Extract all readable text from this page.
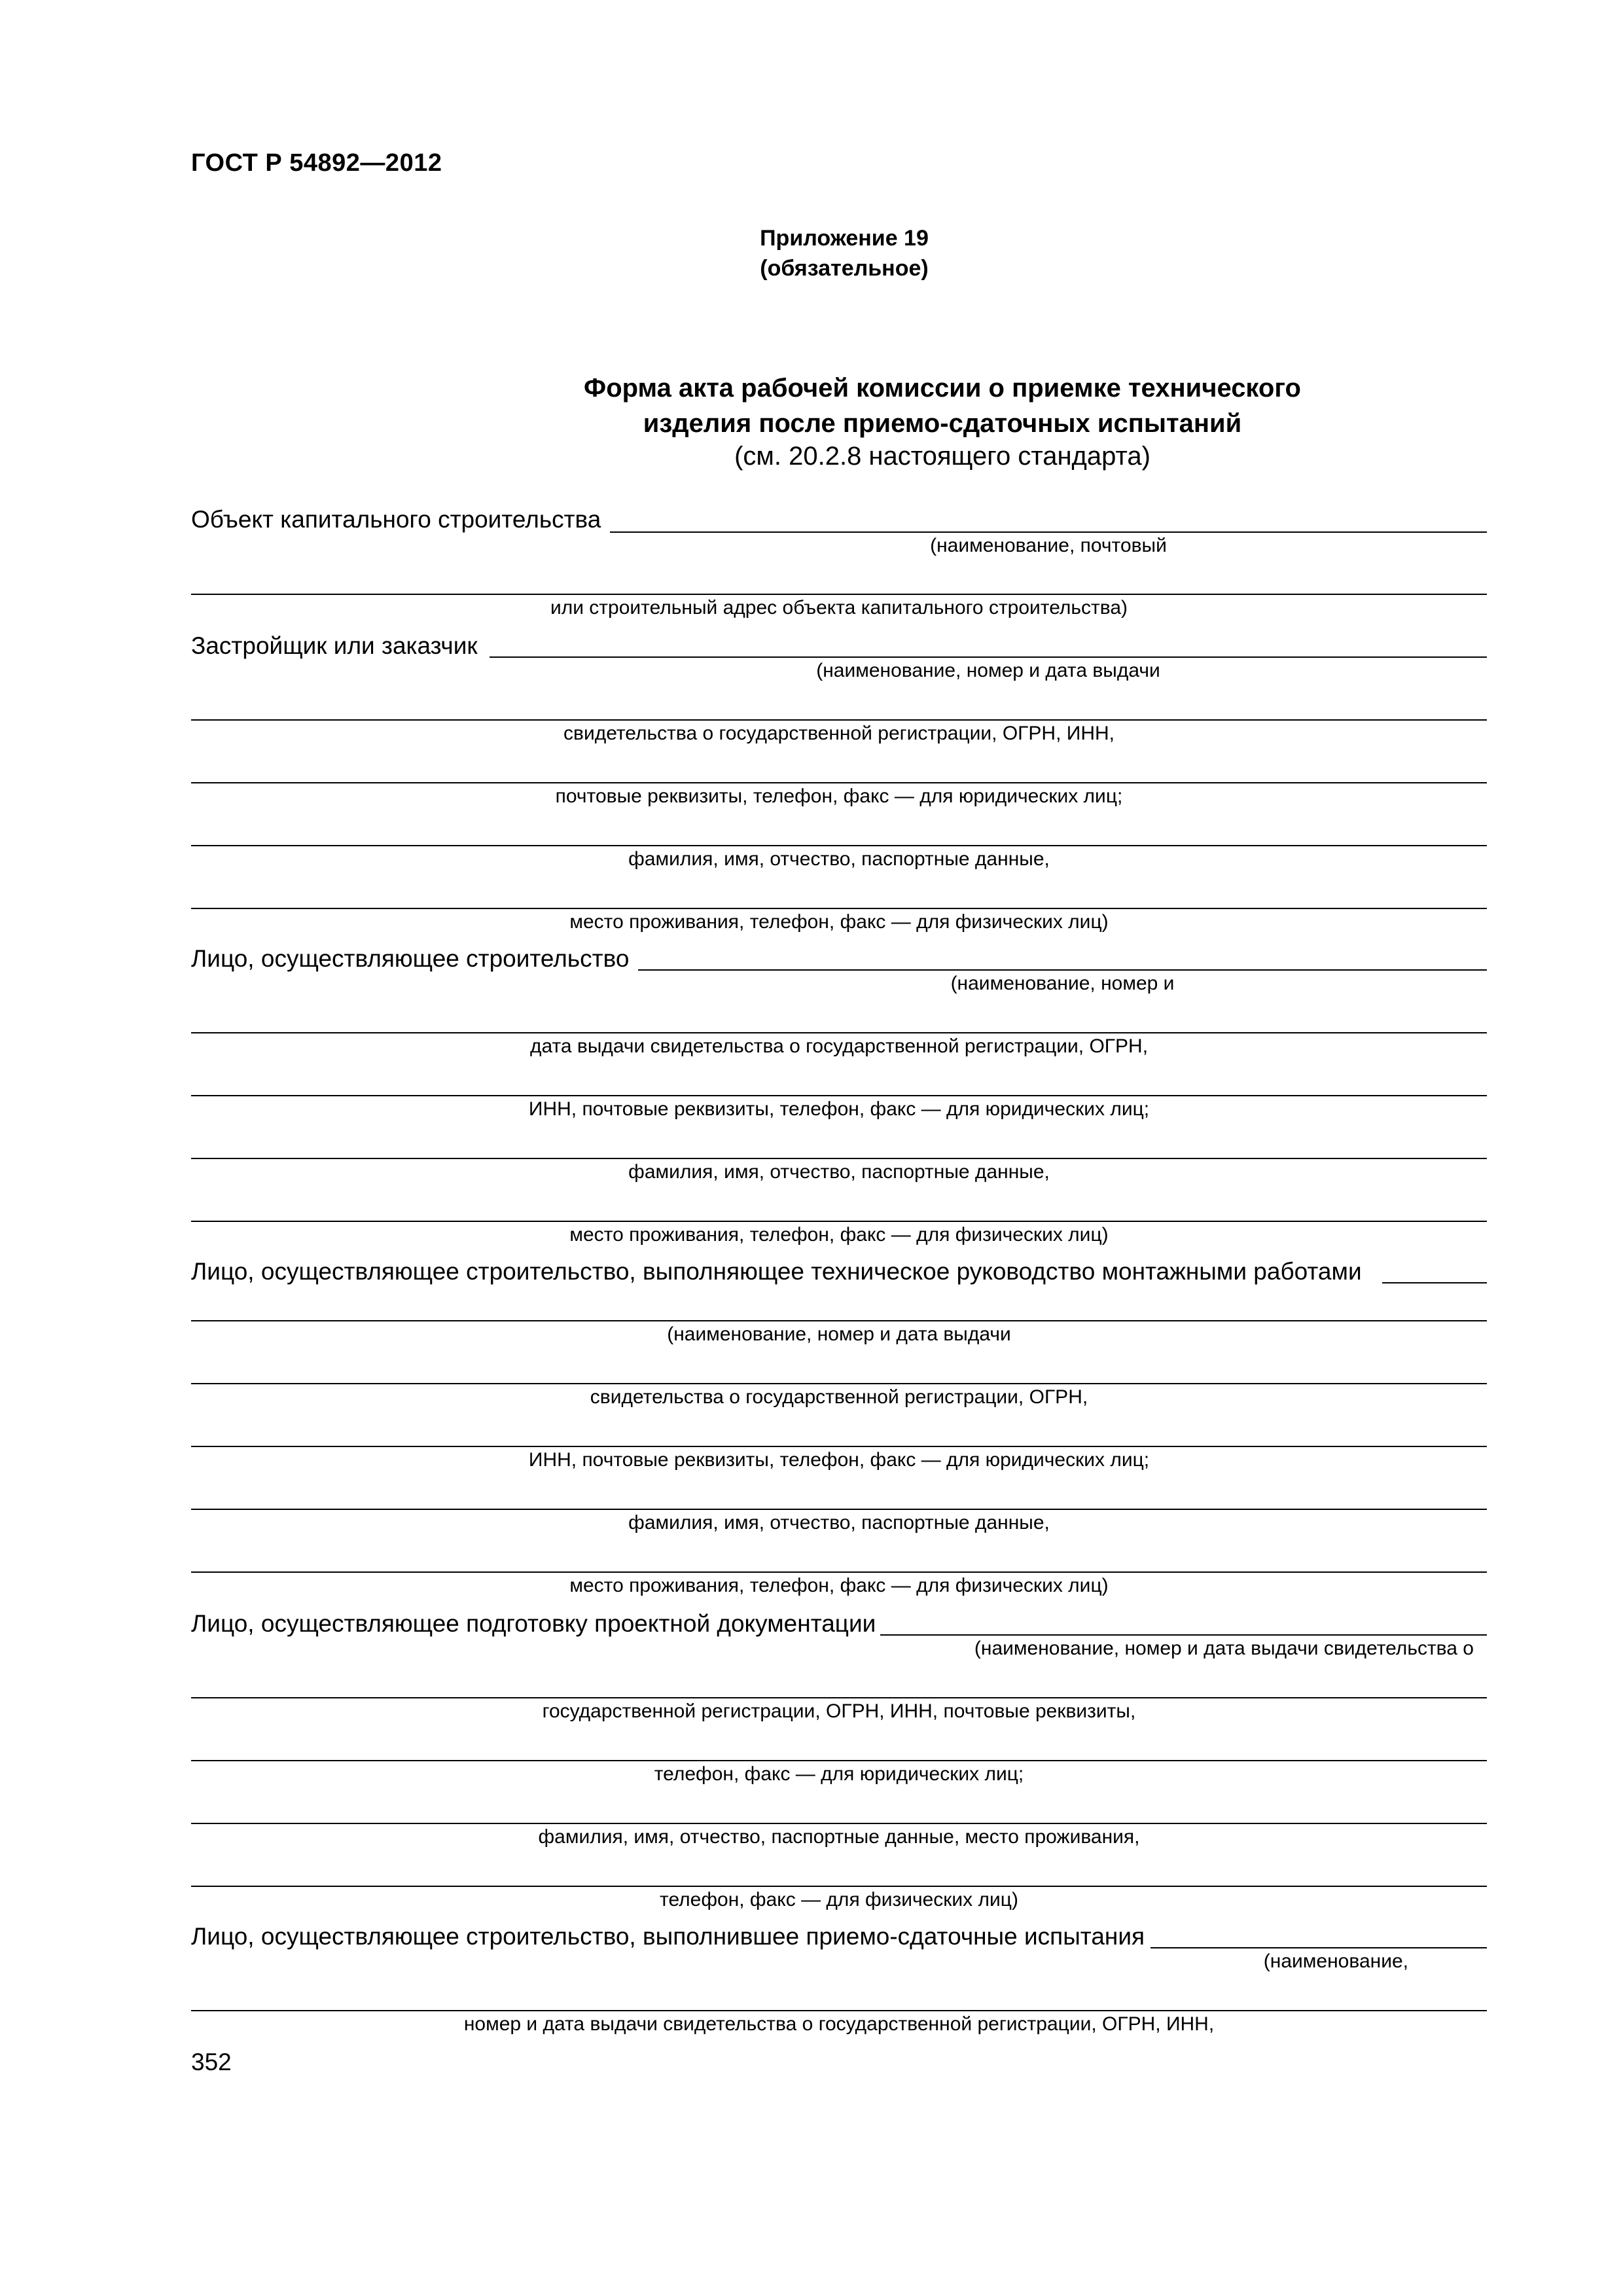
ГОСТ Р 54892—2012
Приложение 19
(обязательное)
Форма акта рабочей комиссии о приемке технического
изделия после приемо-сдаточных испытаний
(см. 20.2.8 настоящего стандарта)
Объект капитального строительства
(наименование, почтовый
или строительный адрес объекта капитального строительства)
Застройщик или заказчик
(наименование, номер и дата выдачи
свидетельства о государственной регистрации, ОГРН, ИНН,
почтовые реквизиты, телефон, факс — для юридических лиц;
фамилия, имя, отчество, паспортные данные,
место проживания, телефон, факс — для физических лиц)
Лицо, осуществляющее строительство
(наименование, номер и
дата выдачи свидетельства о государственной регистрации, ОГРН,
ИНН, почтовые реквизиты, телефон, факс — для юридических лиц;
фамилия, имя, отчество, паспортные данные,
место проживания, телефон, факс — для физических лиц)
Лицо, осуществляющее строительство, выполняющее техническое руководство монтажными работами
(наименование, номер и дата выдачи
свидетельства о государственной регистрации, ОГРН,
ИНН, почтовые реквизиты, телефон, факс — для юридических лиц;
фамилия, имя, отчество, паспортные данные,
место проживания, телефон, факс — для физических лиц)
Лицо, осуществляющее подготовку проектной документации
(наименование, номер и дата выдачи свидетельства о
государственной регистрации, ОГРН, ИНН, почтовые реквизиты,
телефон, факс — для юридических лиц;
фамилия, имя, отчество, паспортные данные, место проживания,
телефон, факс — для физических лиц)
Лицо, осуществляющее строительство, выполнившее приемо-сдаточные испытания
(наименование,
номер и дата выдачи свидетельства о государственной регистрации, ОГРН, ИНН,
352
